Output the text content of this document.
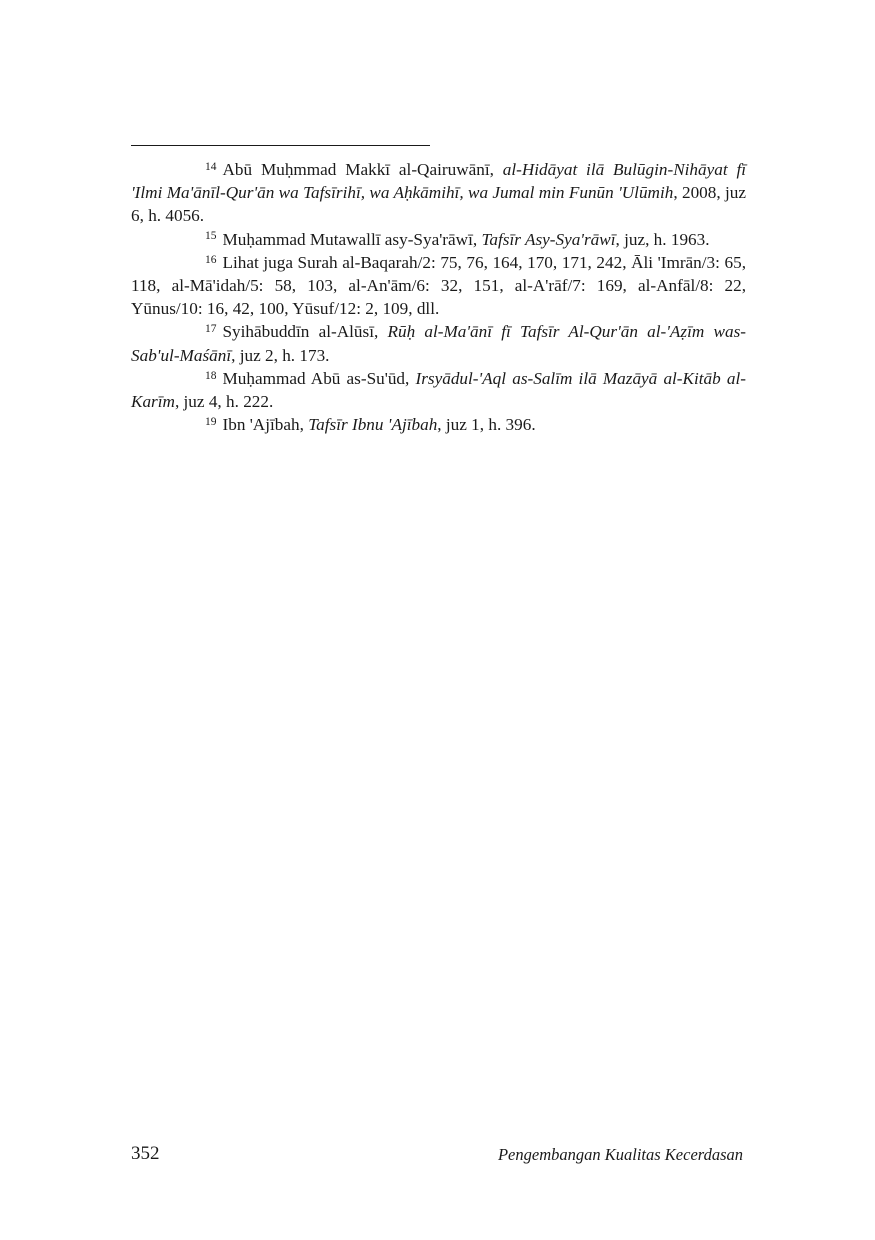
$^{14}$ Abū Muḥmmad Makkī al-Qairuwānī, al-Hidāyat ilā Bulūgin-Nihāyat fī 'Ilmi Ma'ānīl-Qur'ān wa Tafsīrihī, wa Aḥkāmihī, wa Jumal min Funūn 'Ulūmih, 2008, juz 6, h. 4056.

$^{15}$ Muḥammad Mutawallī asy-Sya'rāwī, Tafsīr Asy-Sya'rāwī, juz, h. 1963.

$^{16}$ Lihat juga Surah al-Baqarah/2: 75, 76, 164, 170, 171, 242, Āli 'Imrān/3: 65, 118, al-Mā'idah/5: 58, 103, al-An'ām/6: 32, 151, al-A'rāf/7: 169, al-Anfāl/8: 22, Yūnus/10: 16, 42, 100, Yūsuf/12: 2, 109, dll.

$^{17}$ Syihābuddīn al-Alūsī, Rūḥ al-Ma'ānī fī Tafsīr Al-Qur'ān al-'Aẓīm was-Sab'ul-Maśānī, juz 2, h. 173.

$^{18}$ Muḥammad Abū as-Su'ūd, Irsyādul-'Aql as-Salīm ilā Mazāyā al-Kitāb al-Karīm, juz 4, h. 222.

$^{19}$ Ibn 'Ajībah, Tafsīr Ibnu 'Ajībah, juz 1, h. 396.

352	Pengembangan Kualitas Kecerdasan
